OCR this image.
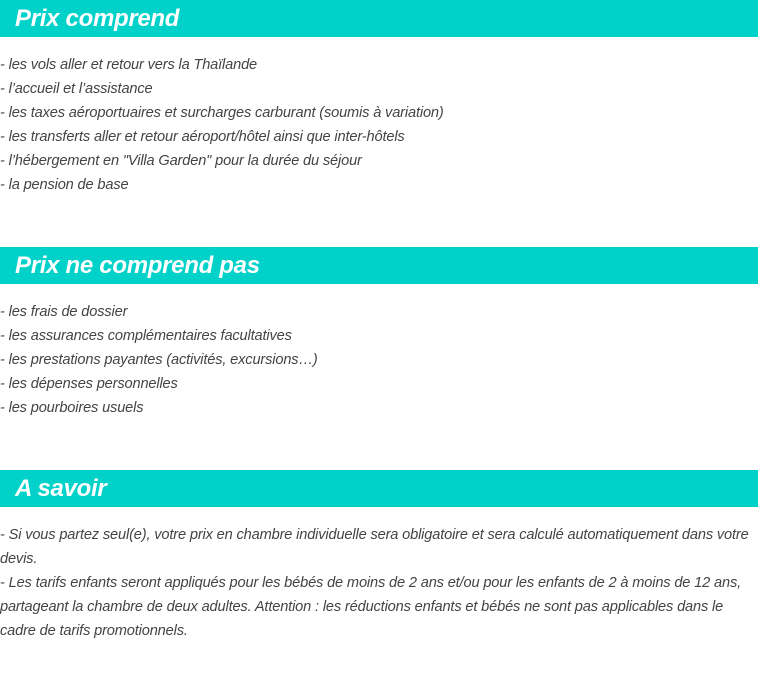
Prix comprend
- les vols aller et retour vers la Thaïlande
- l’accueil et l’assistance
- les taxes aéroportuaires et surcharges carburant (soumis à variation)
- les transferts aller et retour aéroport/hôtel ainsi que inter-hôtels
- l’hébergement en "Villa Garden" pour la durée du séjour
- la pension de base
Prix ne comprend pas
- les frais de dossier
- les assurances complémentaires facultatives
- les prestations payantes (activités, excursions…)
- les dépenses personnelles
- les pourboires usuels
A savoir
- Si vous partez seul(e), votre prix en chambre individuelle sera obligatoire et sera calculé automatiquement dans votre devis.
- Les tarifs enfants seront appliqués pour les bébés de moins de 2 ans et/ou pour les enfants de 2 à moins de 12 ans, partageant la chambre de deux adultes. Attention : les réductions enfants et bébés ne sont pas applicables dans le cadre de tarifs promotionnels.
